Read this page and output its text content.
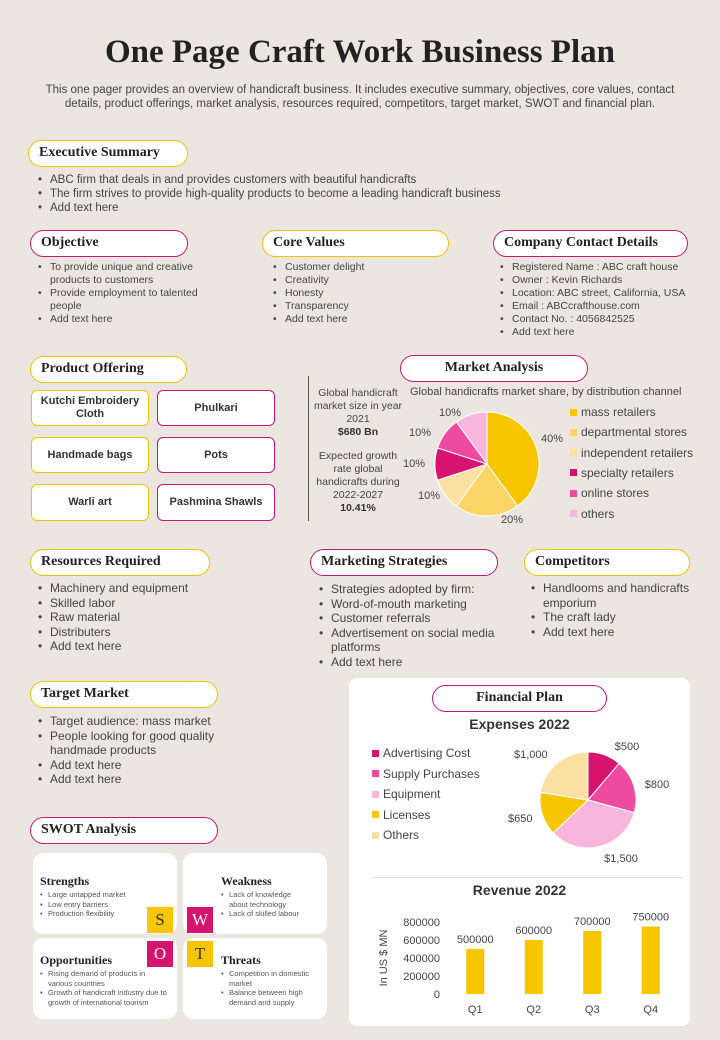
One Page Craft Work Business Plan
This one pager provides an overview of handicraft business. It includes executive summary, objectives, core values, contact details, product offerings, market analysis, resources required, competitors, target market, SWOT and financial plan.
Executive Summary
• ABC firm that deals in and provides customers with beautiful handicrafts
• The firm strives to provide high-quality products to become a leading handicraft business
• Add text here
Objective
• To provide unique and creative products to customers
• Provide employment to talented people
• Add text here
Core Values
• Customer delight
• Creativity
• Honesty
• Transparency
• Add text here
Company Contact Details
• Registered Name : ABC craft house
• Owner : Kevin Richards
• Location: ABC street, California, USA
• Email : ABCcrafthouse.com
• Contact No. : 4056842525
• Add text here
Product Offering
Kutchi Embroidery Cloth
Phulkari
Handmade bags	Pots
Warli art	Pashmina Shawls
Market Analysis
Global handicraft market size in year 2021
$680 Bn
Expected growth rate global handicrafts during 2022-2027
10.41%
Global handicrafts market share, by distribution channel
40%
20%
10%
10%
10%
10%	mass retailers
departmental stores
independent retailers
specialty retailers
online stores
others
Resources Required
• Machinery and equipment
• Skilled labor
• Raw material
• Distributers
• Add text here
Marketing Strategies
• Strategies adopted by firm:
• Word-of-mouth marketing
• Customer referrals
• Advertisement on social media platforms
• Add text here
Competitors
• Handlooms and handicrafts emporium
• The craft lady
• Add text here
Target Market
• Target audience: mass market
• People looking for good quality handmade products
• Add text here
• Add text here
SWOT Analysis
Strengths
• Large untapped market
• Low entry barriers
• Production flexibility
Weakness
• Lack of knowledge about technology
• Lack of skilled labour
Opportunities
• Rising demand of products in various countries
• Growth of handicraft industry due to growth of international tourism
Threats
• Competition in domestic market
• Balance between high demand and supply
S	W
O	T
Financial Plan
Expenses 2022
Advertising Cost
Supply Purchases
Equipment
Licenses
Others
$500
$800
$1,500
$650
$1,000
Revenue 2022
In US $ MN
0
200000
400000
600000
800000
500000
Q1
600000
Q2
700000
Q3
750000
Q4
